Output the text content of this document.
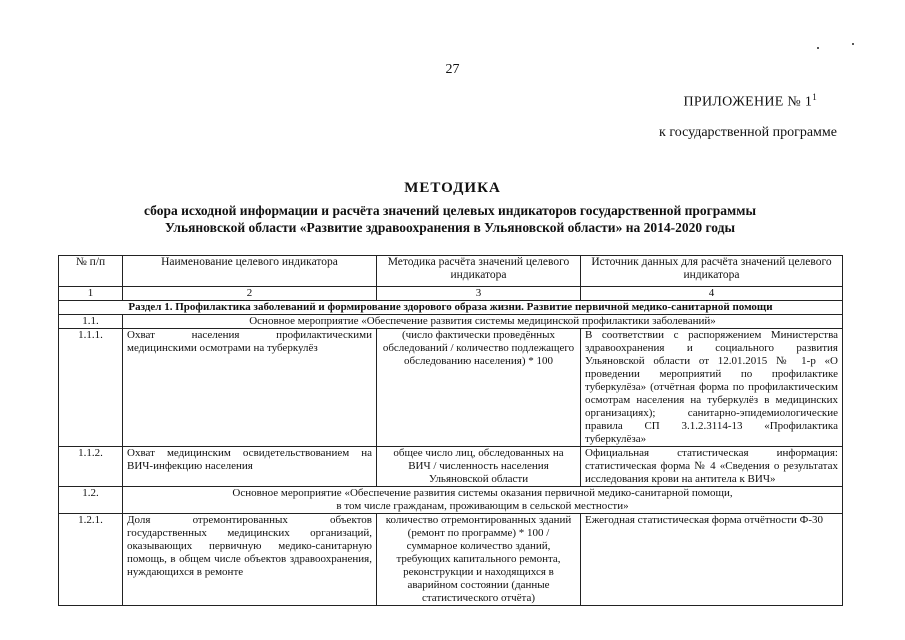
27
ПРИЛОЖЕНИЕ № $1^1$
к государственной программе
МЕТОДИКА
сбора исходной информации и расчёта значений целевых индикаторов государственной программы
Ульяновской области «Развитие здравоохранения в Ульяновской области» на 2014-2020 годы
№ п/п	Наименование целевого индикатора	Методика расчёта значений целевого индикатора	Источник данных для расчёта значений целевого индикатора
1	2	3	4
Раздел 1. Профилактика заболеваний и формирование здорового образа жизни. Развитие первичной медико-санитарной помощи			
1.1.	Основное мероприятие «Обеспечение развития системы медицинской профилактики заболеваний»		
1.1.1.	Охват населения профилактическими медицинскими осмотрами на туберкулёз	(число фактически проведённых обследований / количество подлежащего обследованию населения) * 100	В соответствии с распоряжением Министерства здравоохранения и социального развития Ульяновской области от 12.01.2015 № 1-р «О проведении мероприятий по профилактике туберкулёза» (отчётная форма по профилактическим осмотрам населения на туберкулёз в медицинских организациях); санитарно-эпидемиологические правила СП 3.1.2.3114-13 «Профилактика туберкулёза»
1.1.2.	Охват медицинским освидетельствованием на ВИЧ-инфекцию населения	общее число лиц, обследованных на ВИЧ / численность населения Ульяновской области	Официальная статистическая информация: статистическая форма № 4 «Сведения о результатах исследования крови на антитела к ВИЧ»
1.2.	Основное мероприятие «Обеспечение развития системы оказания первичной медико-санитарной помощи,
в том числе гражданам, проживающим в сельской местности»		

1.2.1.	Доля отремонтированных объектов государственных медицинских организаций, оказывающих первичную медико-санитарную помощь, в общем числе объектов здравоохранения, нуждающихся в ремонте	количество отремонтированных зданий (ремонт по программе) * 100 / суммарное количество зданий, требующих капитального ремонта, реконструкции и находящихся в аварийном состоянии (данные статистического отчёта)	Ежегодная статистическая форма отчётности Ф-30
